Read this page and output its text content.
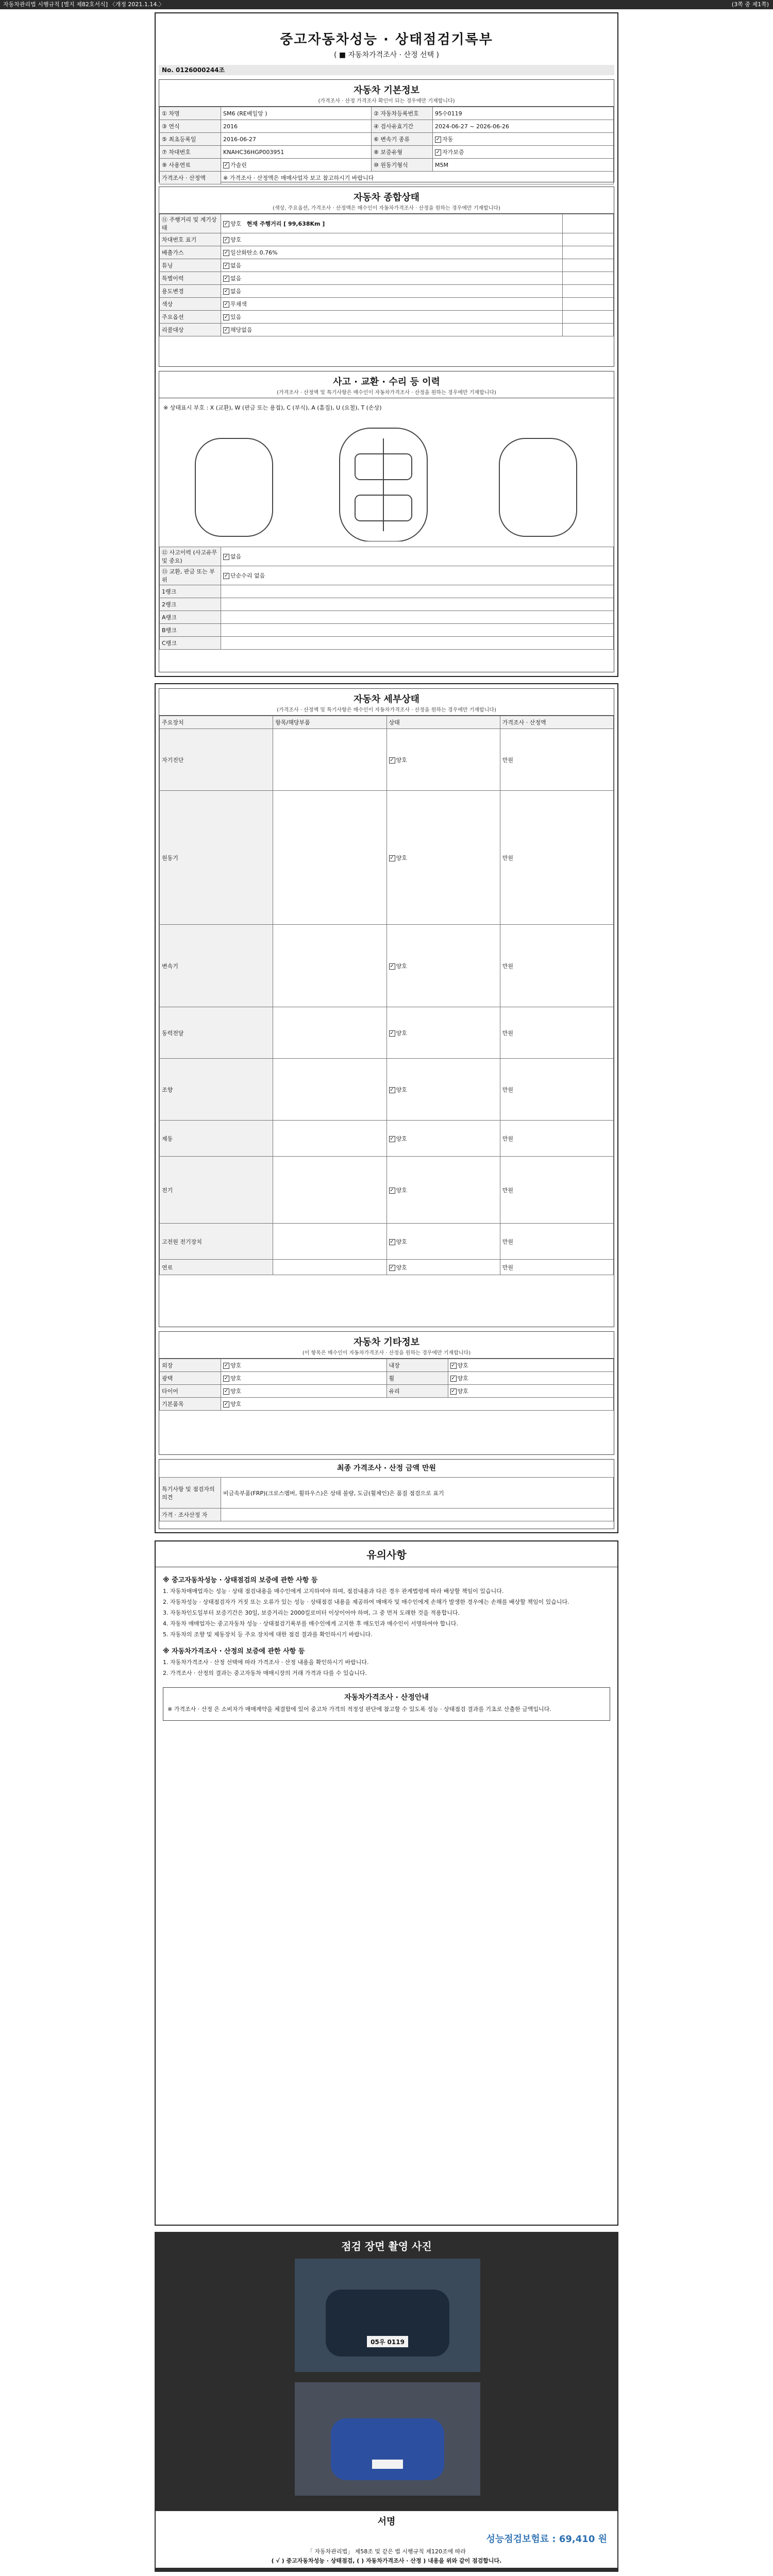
자동차관리법 시행규칙 [별지 제82호서식] 〈개정 2021.1.14.〉	(3쪽 중 제1쪽)
중고자동차성능 · 상태점검기록부
( ■ 자동차가격조사 · 산정 선택 )
No. 0126000244조
자동차 기본정보
(가격조사 · 산정 가격조사 확인이 되는 경우에만 기재합니다)
① 차명	SM6 (RE베일앙 )	② 자동차등록번호	95수0119
③ 연식	2016	④ 검사유효기간	2024-06-27 ~ 2026-06-26
⑤ 최초등록일	2016-06-27	⑥ 변속기 종류	✓자동
⑦ 차대번호	KNAHC36HGP003951	⑧ 보증유형	✓자가보증
⑨ 사용연료	✓가솔린	⑩ 원동기형식	M5M
가격조사 · 산정액	※ 가격조사 · 산정액은 매매사업자 보고 참고하시기 바랍니다		
자동차 종합상태
(색상, 주요옵션, 가격조사 · 산정액은 매수인이 자동차가격조사 · 산정을 원하는 경우에만 기재합니다)
⑪ 주행거리 및 계기상태	✓양호 현재 주행거리 [ 99,638Km ]	
차대번호 표기	✓양호	
배출가스	✓일산화탄소 0.76%	
튜닝	✓없음	
특별이력	✓없음	
용도변경	✓없음	
색상	✓무채색	
주요옵션	✓있음	
리콜대상	✓해당없음	
사고 · 교환 · 수리 등 이력
(가격조사 · 산정액 및 특기사항은 매수인이 자동차가격조사 · 산정을 원하는 경우에만 기재합니다)
※ 상태표시 부호 : X (교환), W (판금 또는 용접), C (부식), A (흠집), U (요철), T (손상)
⑫ 사고이력 (사고유무 및 중요)	✓없음
⑬ 교환, 판금 또는 부위	✓단순수리 없음
1랭크	
2랭크	
A랭크	
B랭크	
C랭크	
자동차 세부상태
(가격조사 · 산정액 및 특기사항은 매수인이 자동차가격조사 · 산정을 원하는 경우에만 기재합니다)
주요장치	항목/해당부품	상태	가격조사 · 산정액
자기진단		✓양호	만원
원동기		✓양호	만원
변속기		✓양호	만원
동력전달		✓양호	만원
조향		✓양호	만원
제동		✓양호	만원
전기		✓양호	만원
고전원 전기장치		✓양호	만원
연료		✓양호	만원
자동차 기타정보
(이 항목은 매수인이 자동차가격조사 · 산정을 원하는 경우에만 기재합니다)
외장	✓양호	내장	✓양호
광택	✓양호	휠	✓양호
타이어	✓양호	유리	✓양호
기본품목	✓양호
최종 가격조사 · 산정 금액 만원
특기사항 및 점검자의 의견	비금속부품(FRP)(크로스멤버, 휠하우스)은 상태 불량, 도금(휠체인)은 품질 점검으로 표기
가격 · 조사산정 자	
유의사항
※ 중고자동차성능 · 상태점검의 보증에 관한 사항 등

1. 자동차매매업자는 성능 · 상태 점검내용을 매수인에게 고지하여야 하며, 점검내용과 다른 경우 관계법령에 따라 배상할 책임이 있습니다.

2. 자동차성능 · 상태점검자가 거짓 또는 오류가 있는 성능 · 상태점검 내용을 제공하여 매매자 및 매수인에게 손해가 발생한 경우에는 손해를 배상할 책임이 있습니다.

3. 자동차인도일부터 보증기간은 30일, 보증거리는 2000킬로미터 이상이어야 하며, 그 중 먼저 도래한 것을 적용합니다.

4. 자동차 매매업자는 중고자동차 성능 · 상태점검기록부를 매수인에게 고지한 후 매도인과 매수인이 서명하여야 합니다.

5. 자동차의 조향 및 제동장치 등 주요 장치에 대한 점검 결과를 확인하시기 바랍니다.

※ 자동차가격조사 · 산정의 보증에 관한 사항 등

1. 자동차가격조사 · 산정 선택에 따라 가격조사 · 산정 내용을 확인하시기 바랍니다.

2. 가격조사 · 산정의 결과는 중고자동차 매매시장의 거래 가격과 다를 수 있습니다.

자동차가격조사 · 산정안내

※ 가격조사 · 산정 은 소비자가 매매계약을 체결함에 있어 중고차 가격의 적정성 판단에 참고할 수 있도록 성능 · 상태점검 결과를 기초로 산출한 금액입니다.

점검 장면 촬영 사진
05우 0119
서명
성능점검보험료 : 69,410 원
「 자동차관리법」 제58조 및 같은 법 시행규칙 제120조에 따라
( √ ) 중고자동차성능 · 상태점검, ( ) 자동차가격조사 · 산정 ) 내용을 위와 같이 점검합니다.
